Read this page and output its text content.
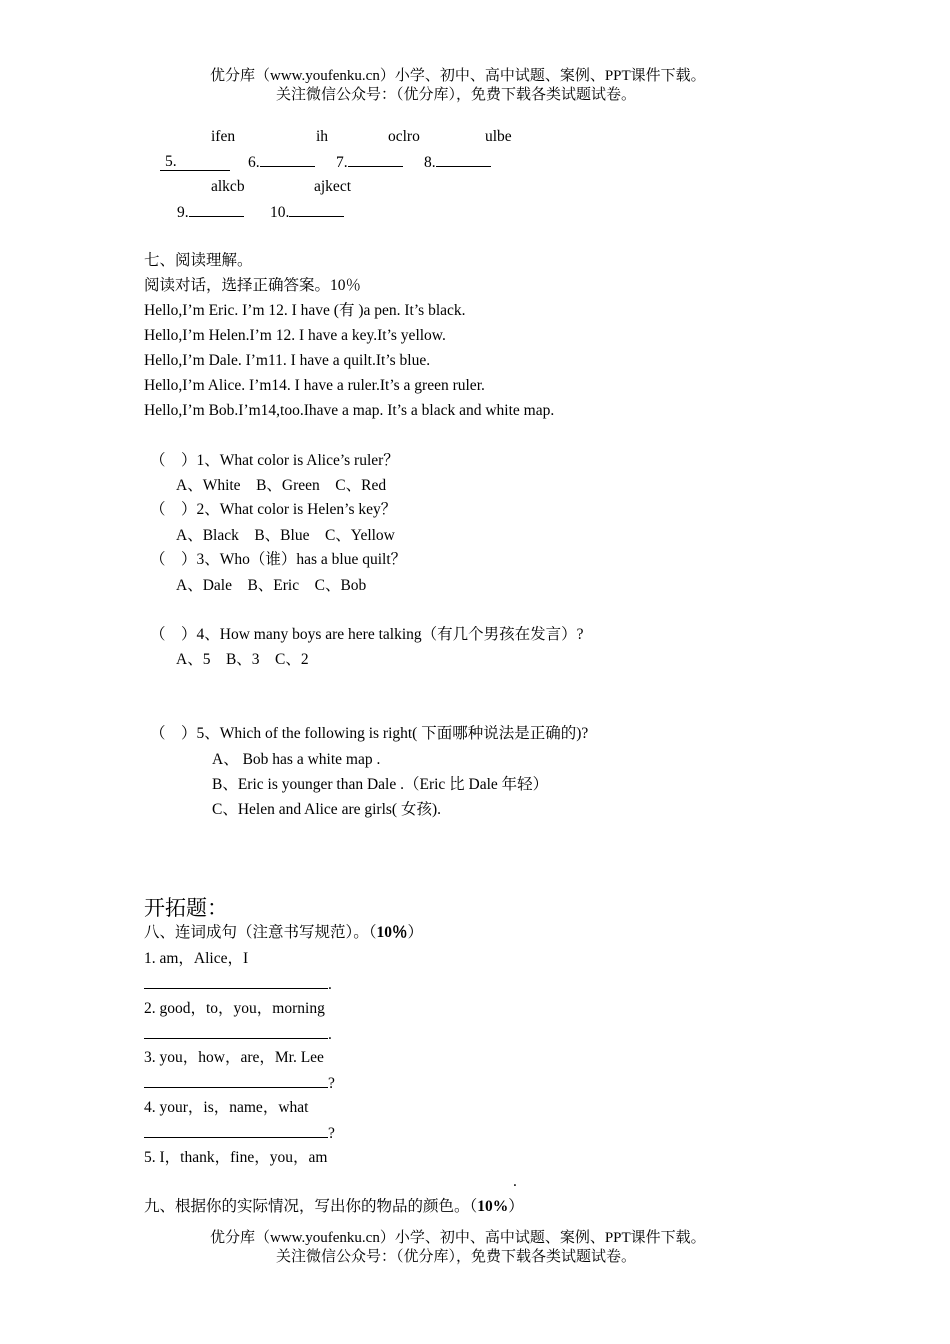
优分库（www.youfenku.cn）小学、初中、高中试题、案例、PPT课件下载。
关注微信公众号：（优分库），免费下载各类试题试卷。
ifen	ih	oclro	ulbe
5.	6.	7.	8.
alkcb	ajkect
9.	10.
七、阅读理解。
阅读对话，选择正确答案。10％
Hello,I’m Eric. I’m 12. I have (有 )a pen. It’s black.
Hello,I’m Helen.I’m 12. I have a key.It’s yellow.
Hello,I’m Dale. I’m11. I have a quilt.It’s blue.
Hello,I’m Alice. I’m14. I have a ruler.It’s a green ruler.
Hello,I’m Bob.I’m14,too.Ihave a map. It’s a black and white map.
（　）1、What color is Alice’s ruler？
A、White　B、Green　C、Red
（　）2、What color is Helen’s key？
A、Black　B、Blue　C、Yellow
（　）3、Who（谁）has a blue quilt？
A、Dale　B、Eric　C、Bob
（　）4、How many boys are here talking（有几个男孩在发言）?
A、5　B、3　C、2
（　）5、Which of the following is right( 下面哪种说法是正确的)?
A、 Bob has a white map .
B、Eric is younger than Dale .（Eric 比 Dale 年轻）
C、Helen and Alice are girls( 女孩).
开拓题：
八、连词成句（注意书写规范）。（10％）
1. am，Alice，I
.
2. good，to，you，morning
.
3. you，how，are，Mr. Lee
?
4. your，is，name，what
?
5. I，thank，fine，you，am
.
九、根据你的实际情况，写出你的物品的颜色。（10%）
优分库（www.youfenku.cn）小学、初中、高中试题、案例、PPT课件下载。
关注微信公众号：（优分库），免费下载各类试题试卷。
